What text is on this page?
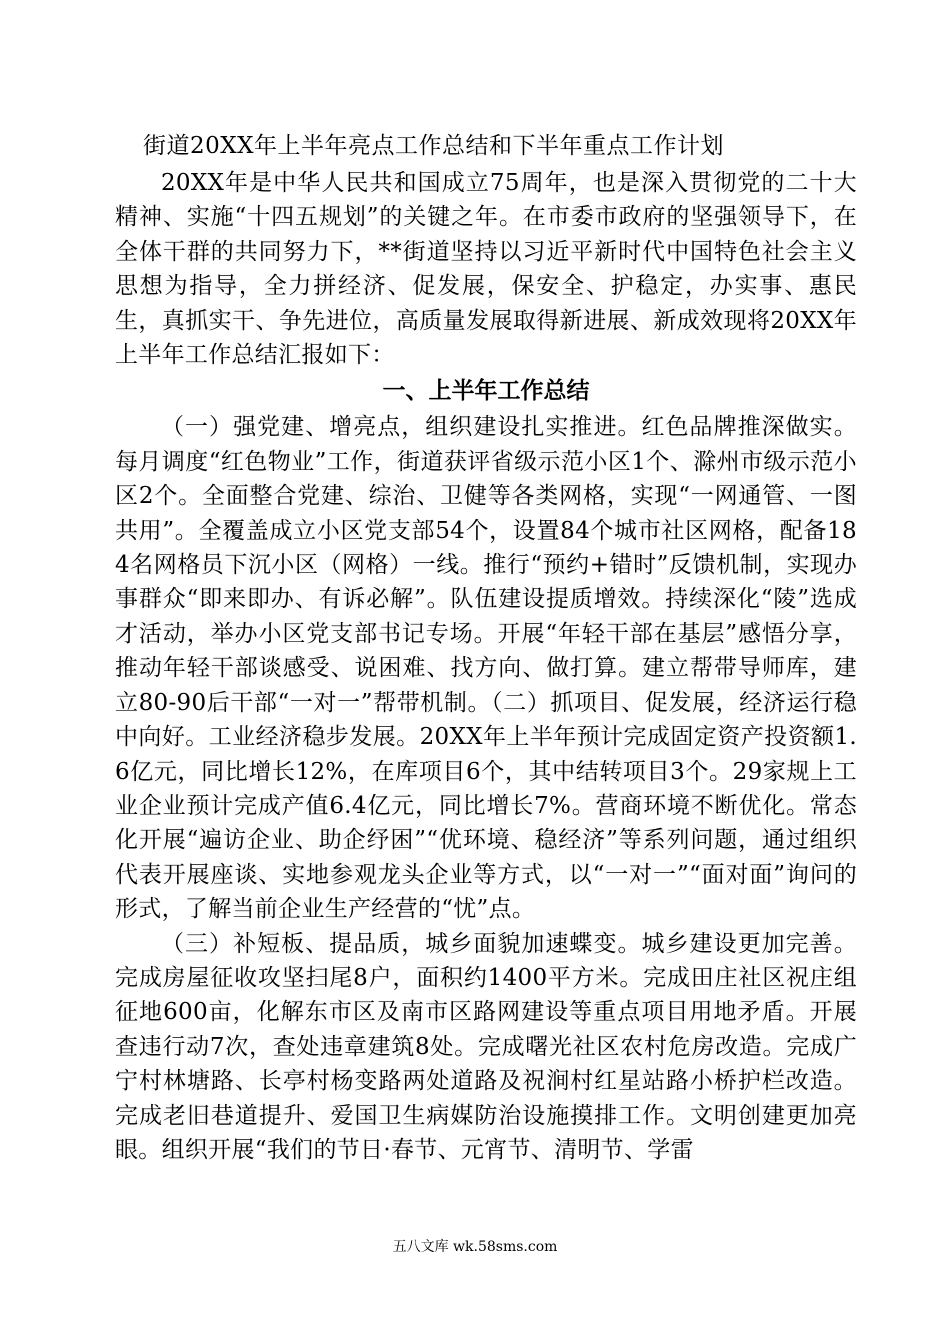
街道20XX年上半年亮点工作总结和下半年重点工作计划

20XX年是中华人民共和国成立75周年，也是深入贯彻党的二十大精神、实施“十四五规划”的关键之年。在市委市政府的坚强领导下，在全体干群的共同努力下，**街道坚持以习近平新时代中国特色社会主义思想为指导，全力拼经济、促发展，保安全、护稳定，办实事、惠民生，真抓实干、争先进位，高质量发展取得新进展、新成效现将20XX年上半年工作总结汇报如下：

一、上半年工作总结

（一）强党建、增亮点，组织建设扎实推进。红色品牌推深做实。每月调度“红色物业”工作，街道获评省级示范小区1个、滁州市级示范小区2个。全面整合党建、综治、卫健等各类网格，实现“一网通管、一图共用”。全覆盖成立小区党支部54个，设置84个城市社区网格，配备184名网格员下沉小区（网格）一线。推行“预约+错时”反馈机制，实现办事群众“即来即办、有诉必解”。队伍建设提质增效。持续深化“陵”选成才活动，举办小区党支部书记专场。开展“年轻干部在基层”感悟分享，推动年轻干部谈感受、说困难、找方向、做打算。建立帮带导师库，建立80-90后干部“一对一”帮带机制。（二）抓项目、促发展，经济运行稳中向好。工业经济稳步发展。20XX年上半年预计完成固定资产投资额1.6亿元，同比增长12%，在库项目6个，其中结转项目3个。29家规上工业企业预计完成产值6.4亿元，同比增长7%。营商环境不断优化。常态化开展“遍访企业、助企纾困”“优环境、稳经济”等系列问题，通过组织代表开展座谈、实地参观龙头企业等方式，以“一对一”“面对面”询问的形式，了解当前企业生产经营的“忧”点。

（三）补短板、提品质，城乡面貌加速蝶变。城乡建设更加完善。完成房屋征收攻坚扫尾8户，面积约1400平方米。完成田庄社区祝庄组征地600亩，化解东市区及南市区路网建设等重点项目用地矛盾。开展查违行动7次，查处违章建筑8处。完成曙光社区农村危房改造。完成广宁村林塘路、长亭村杨变路两处道路及祝涧村红星站路小桥护栏改造。完成老旧巷道提升、爱国卫生病媒防治设施摸排工作。文明创建更加亮眼。组织开展“我们的节日·春节、元宵节、清明节、学雷

五八文库 wk.58sms.com
